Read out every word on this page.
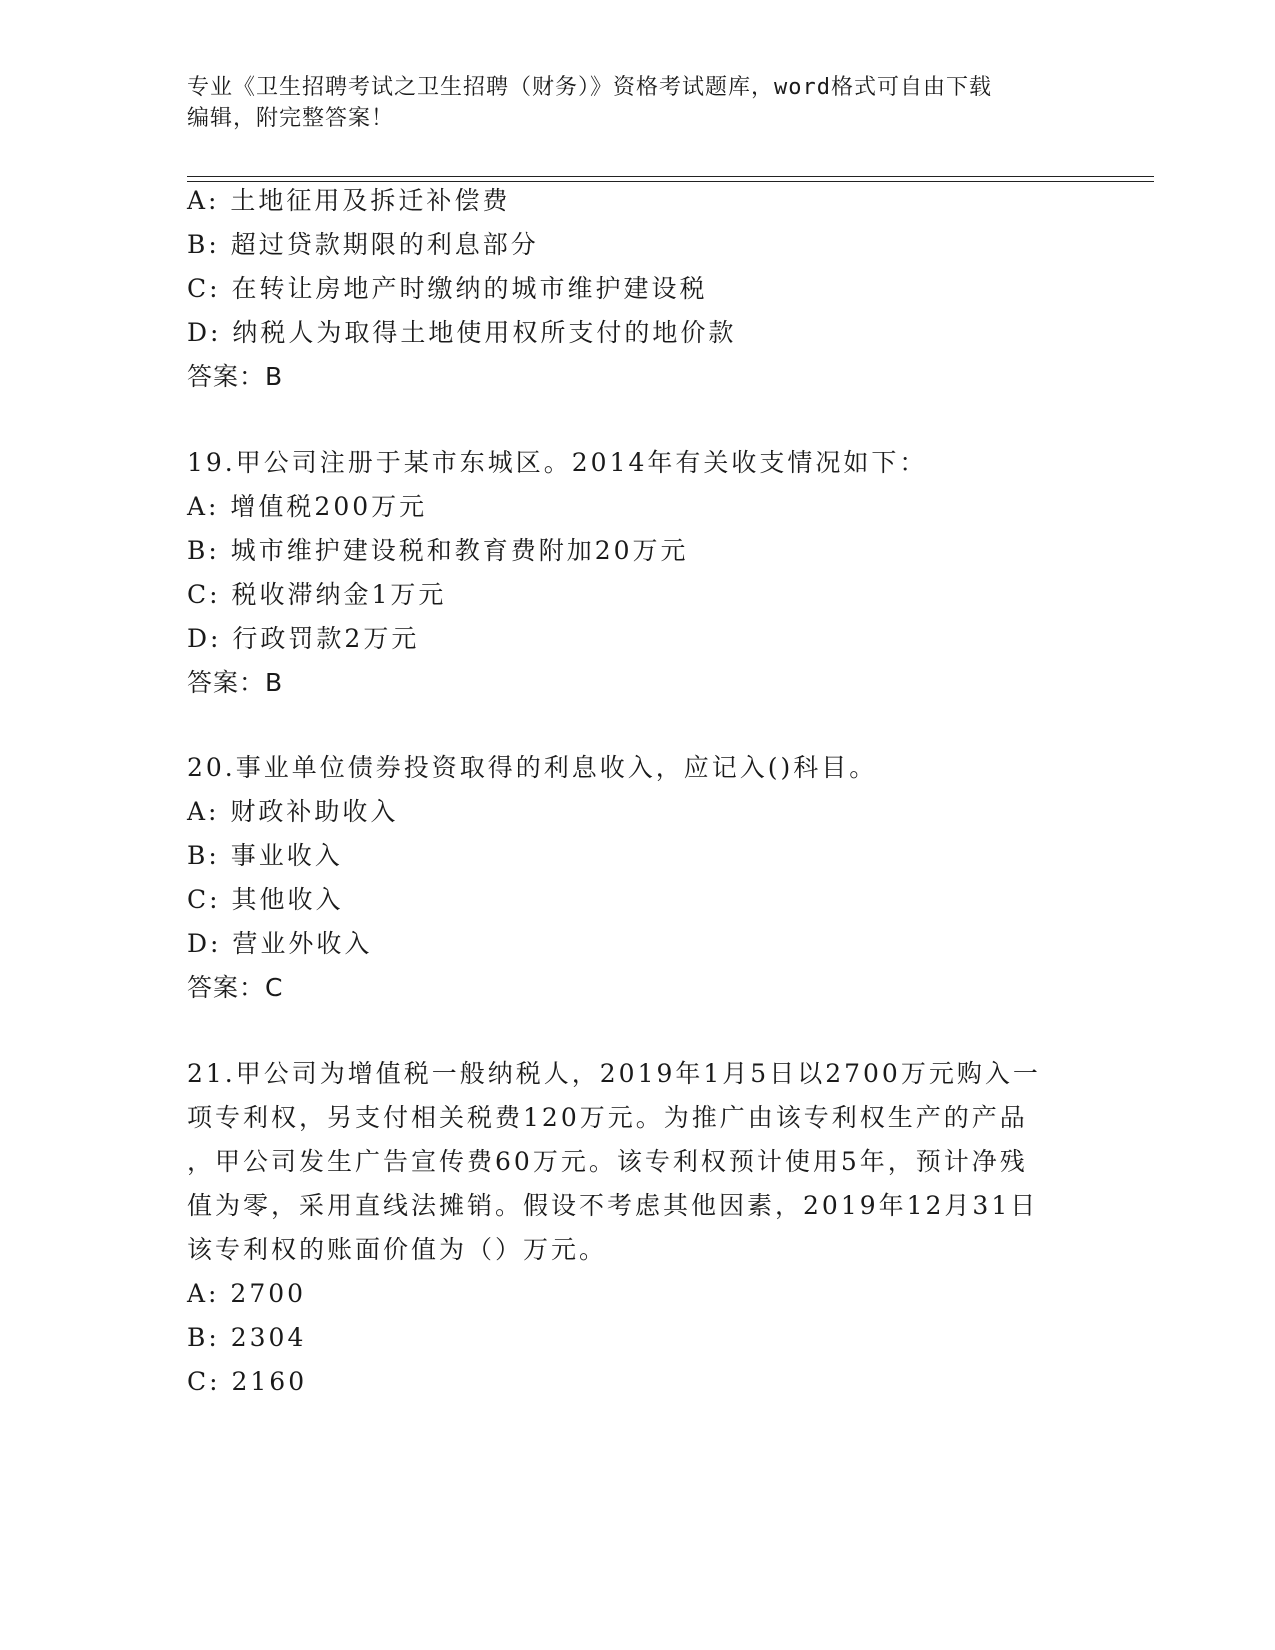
专业《卫生招聘考试之卫生招聘（财务）》资格考试题库，word格式可自由下载
编辑，附完整答案！
A: 土地征用及拆迁补偿费
B: 超过贷款期限的利息部分
C: 在转让房地产时缴纳的城市维护建设税
D: 纳税人为取得土地使用权所支付的地价款
答案：B
19.甲公司注册于某市东城区。2014年有关收支情况如下：
A: 增值税200万元
B: 城市维护建设税和教育费附加20万元
C: 税收滞纳金1万元
D: 行政罚款2万元
答案：B
20.事业单位债券投资取得的利息收入，应记入()科目。
A: 财政补助收入
B: 事业收入
C: 其他收入
D: 营业外收入
答案：C
21.甲公司为增值税一般纳税人，2019年1月5日以2700万元购入一
项专利权，另支付相关税费120万元。为推广由该专利权生产的产品
，甲公司发生广告宣传费60万元。该专利权预计使用5年，预计净残
值为零，采用直线法摊销。假设不考虑其他因素，2019年12月31日
该专利权的账面价值为（）万元。
A: 2700
B: 2304
C: 2160
